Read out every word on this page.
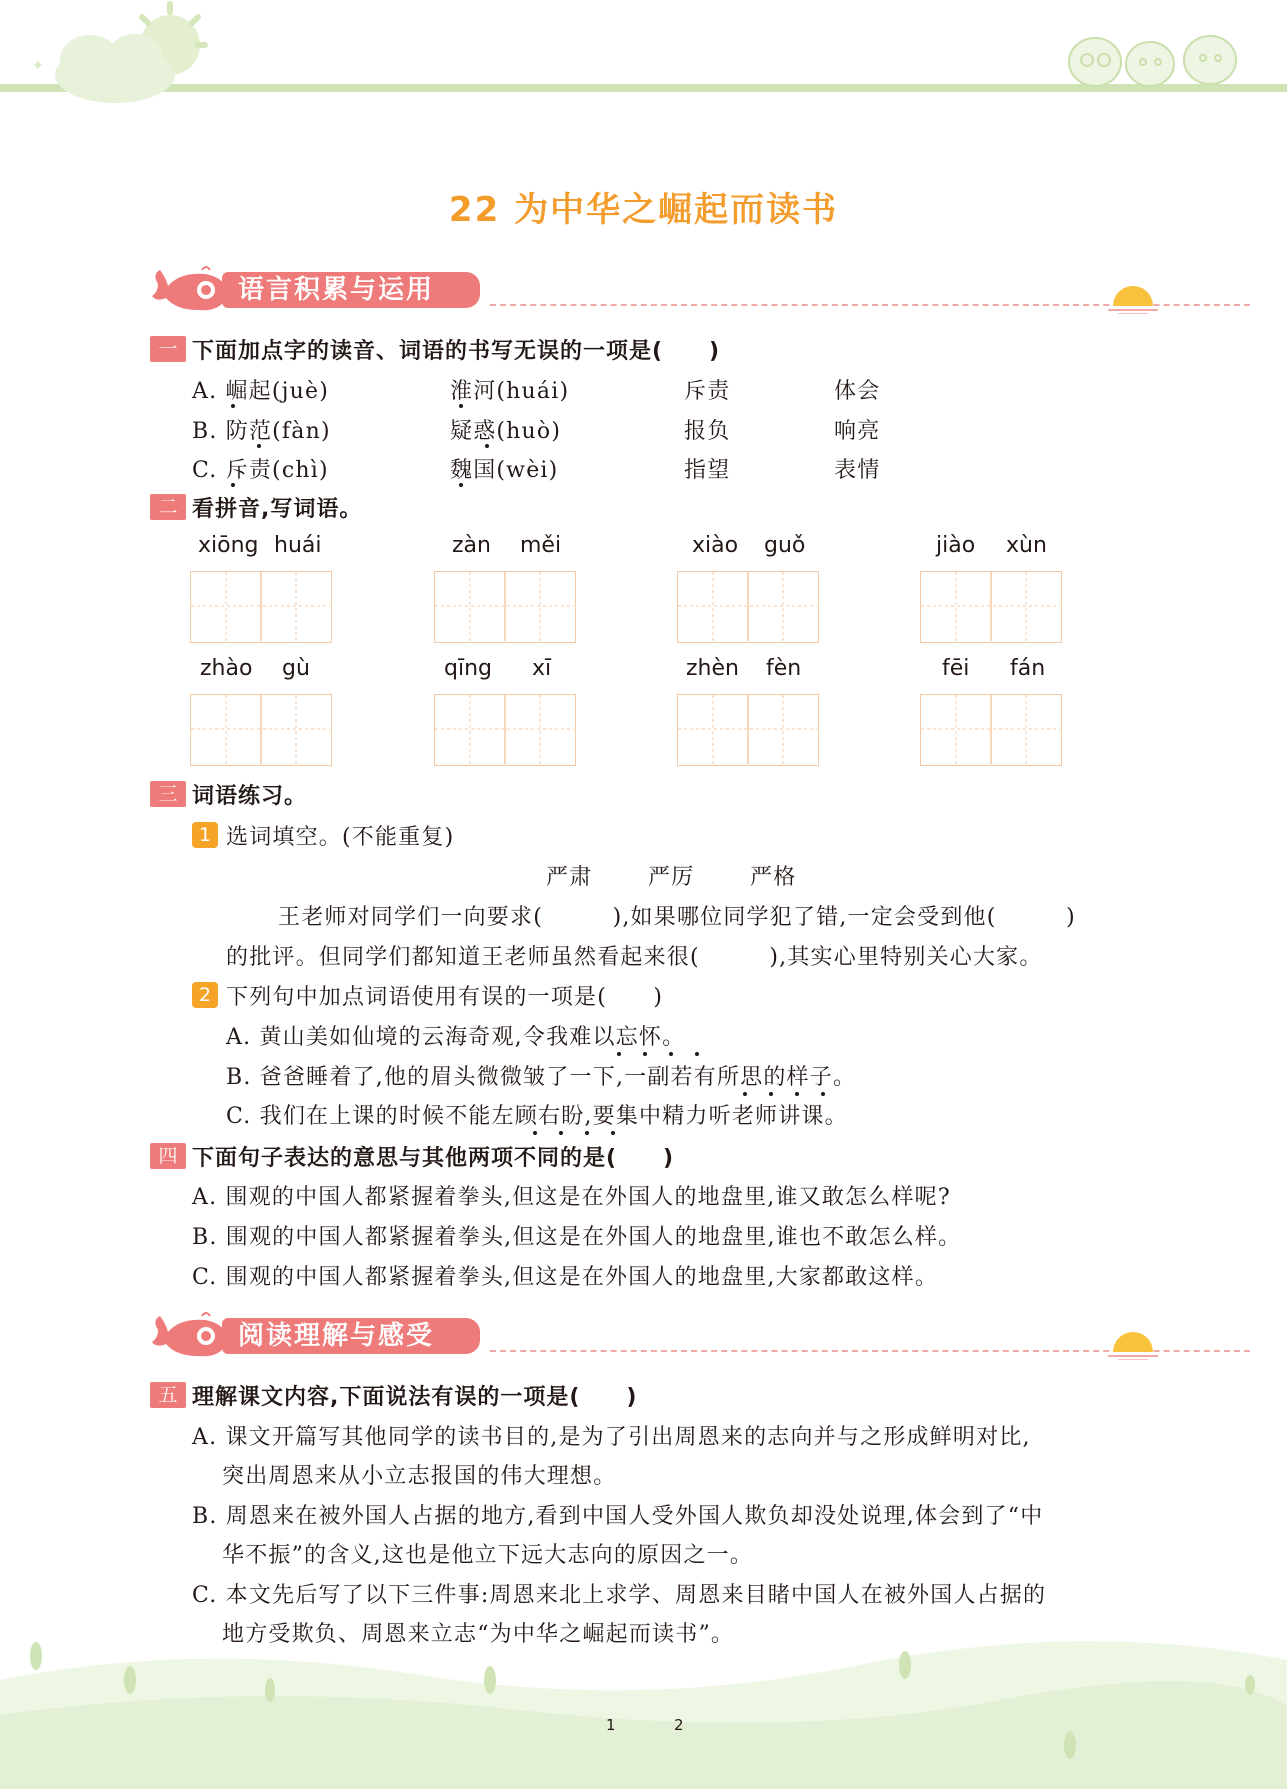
✦
22 为中华之崛起而读书
语言积累与运用
一 下面加点字的读音、词语的书写无误的一项是(　　)
A. 崛起(juè)	淮河(huái)	斥责	体会
B. 防范(fàn)	疑惑(huò)	报负	响亮
C. 斥责(chì)	魏国(wèi)	指望	表情
二 看拼音,写词语。
xiōng huái	zàn měi	xiào guǒ	jiào xùn
zhào gù	qīng xī	zhèn fèn	fēi fán
三 词语练习。
1 选词填空。(不能重复)
严肃	严厉	严格
王老师对同学们一向要求(　　　),如果哪位同学犯了错,一定会受到他(　　　)
的批评。但同学们都知道王老师虽然看起来很(　　　),其实心里特别关心大家。
2 下列句中加点词语使用有误的一项是(　　)
A. 黄山美如仙境的云海奇观,令我难以忘怀。
B. 爸爸睡着了,他的眉头微微皱了一下,一副若有所思的样子。
C. 我们在上课的时候不能左顾右盼,要集中精力听老师讲课。
四 下面句子表达的意思与其他两项不同的是(　　)
A. 围观的中国人都紧握着拳头,但这是在外国人的地盘里,谁又敢怎么样呢?
B. 围观的中国人都紧握着拳头,但这是在外国人的地盘里,谁也不敢怎么样。
C. 围观的中国人都紧握着拳头,但这是在外国人的地盘里,大家都敢这样。
阅读理解与感受
五 理解课文内容,下面说法有误的一项是(　　)
A. 课文开篇写其他同学的读书目的,是为了引出周恩来的志向并与之形成鲜明对比,
突出周恩来从小立志报国的伟大理想。
B. 周恩来在被外国人占据的地方,看到中国人受外国人欺负却没处说理,体会到了“中
华不振”的含义,这也是他立下远大志向的原因之一。
C. 本文先后写了以下三件事:周恩来北上求学、周恩来目睹中国人在被外国人占据的
地方受欺负、周恩来立志“为中华之崛起而读书”。
1	2
